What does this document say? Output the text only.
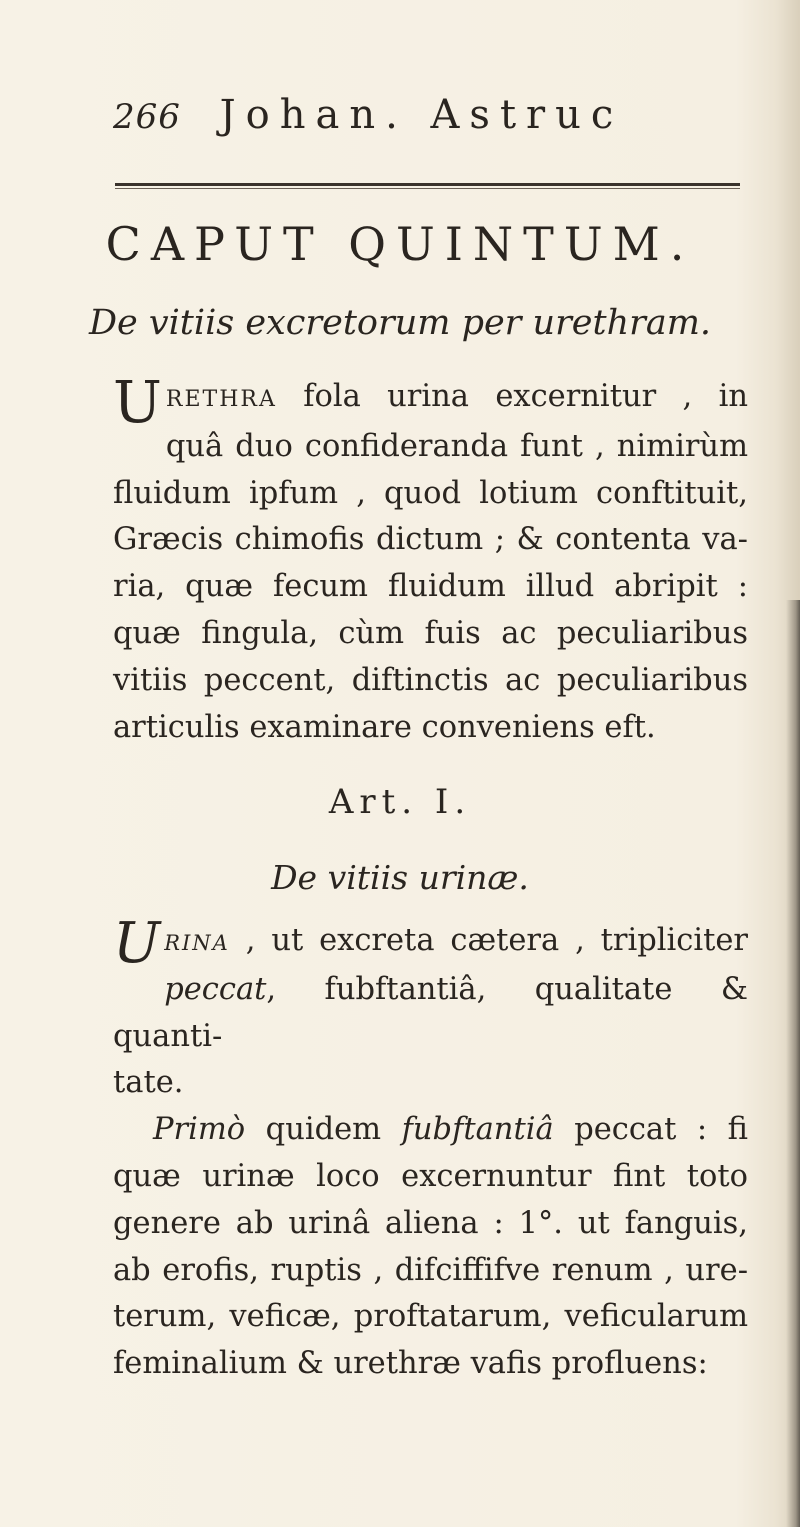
266 Johan. Astruc
CAPUT QUINTUM.
De vitiis excretorum per urethram.
U RETHRA fola urina excernitur , in
quâ duo confideranda funt , nimirùm
fluidum ipfum , quod lotium conftituit,
Græcis chimofis dictum ; & contenta va-
ria, quæ fecum fluidum illud abripit :
quæ fingula, cùm fuis ac peculiaribus
vitiis peccent, diftinctis ac peculiaribus
articulis examinare conveniens eft.
Art. I.
De vitiis urinæ.
U RINA , ut excreta cætera , tripliciter
peccat, fubftantiâ, qualitate & quanti-
tate.
Primò quidem fubftantiâ peccat : fi
quæ urinæ loco excernuntur fint toto
genere ab urinâ aliena : 1°. ut fanguis,
ab erofis, ruptis , difciffifve renum , ure-
terum, veficæ, proftatarum, veficularum
feminalium & urethræ vafis profluens:
